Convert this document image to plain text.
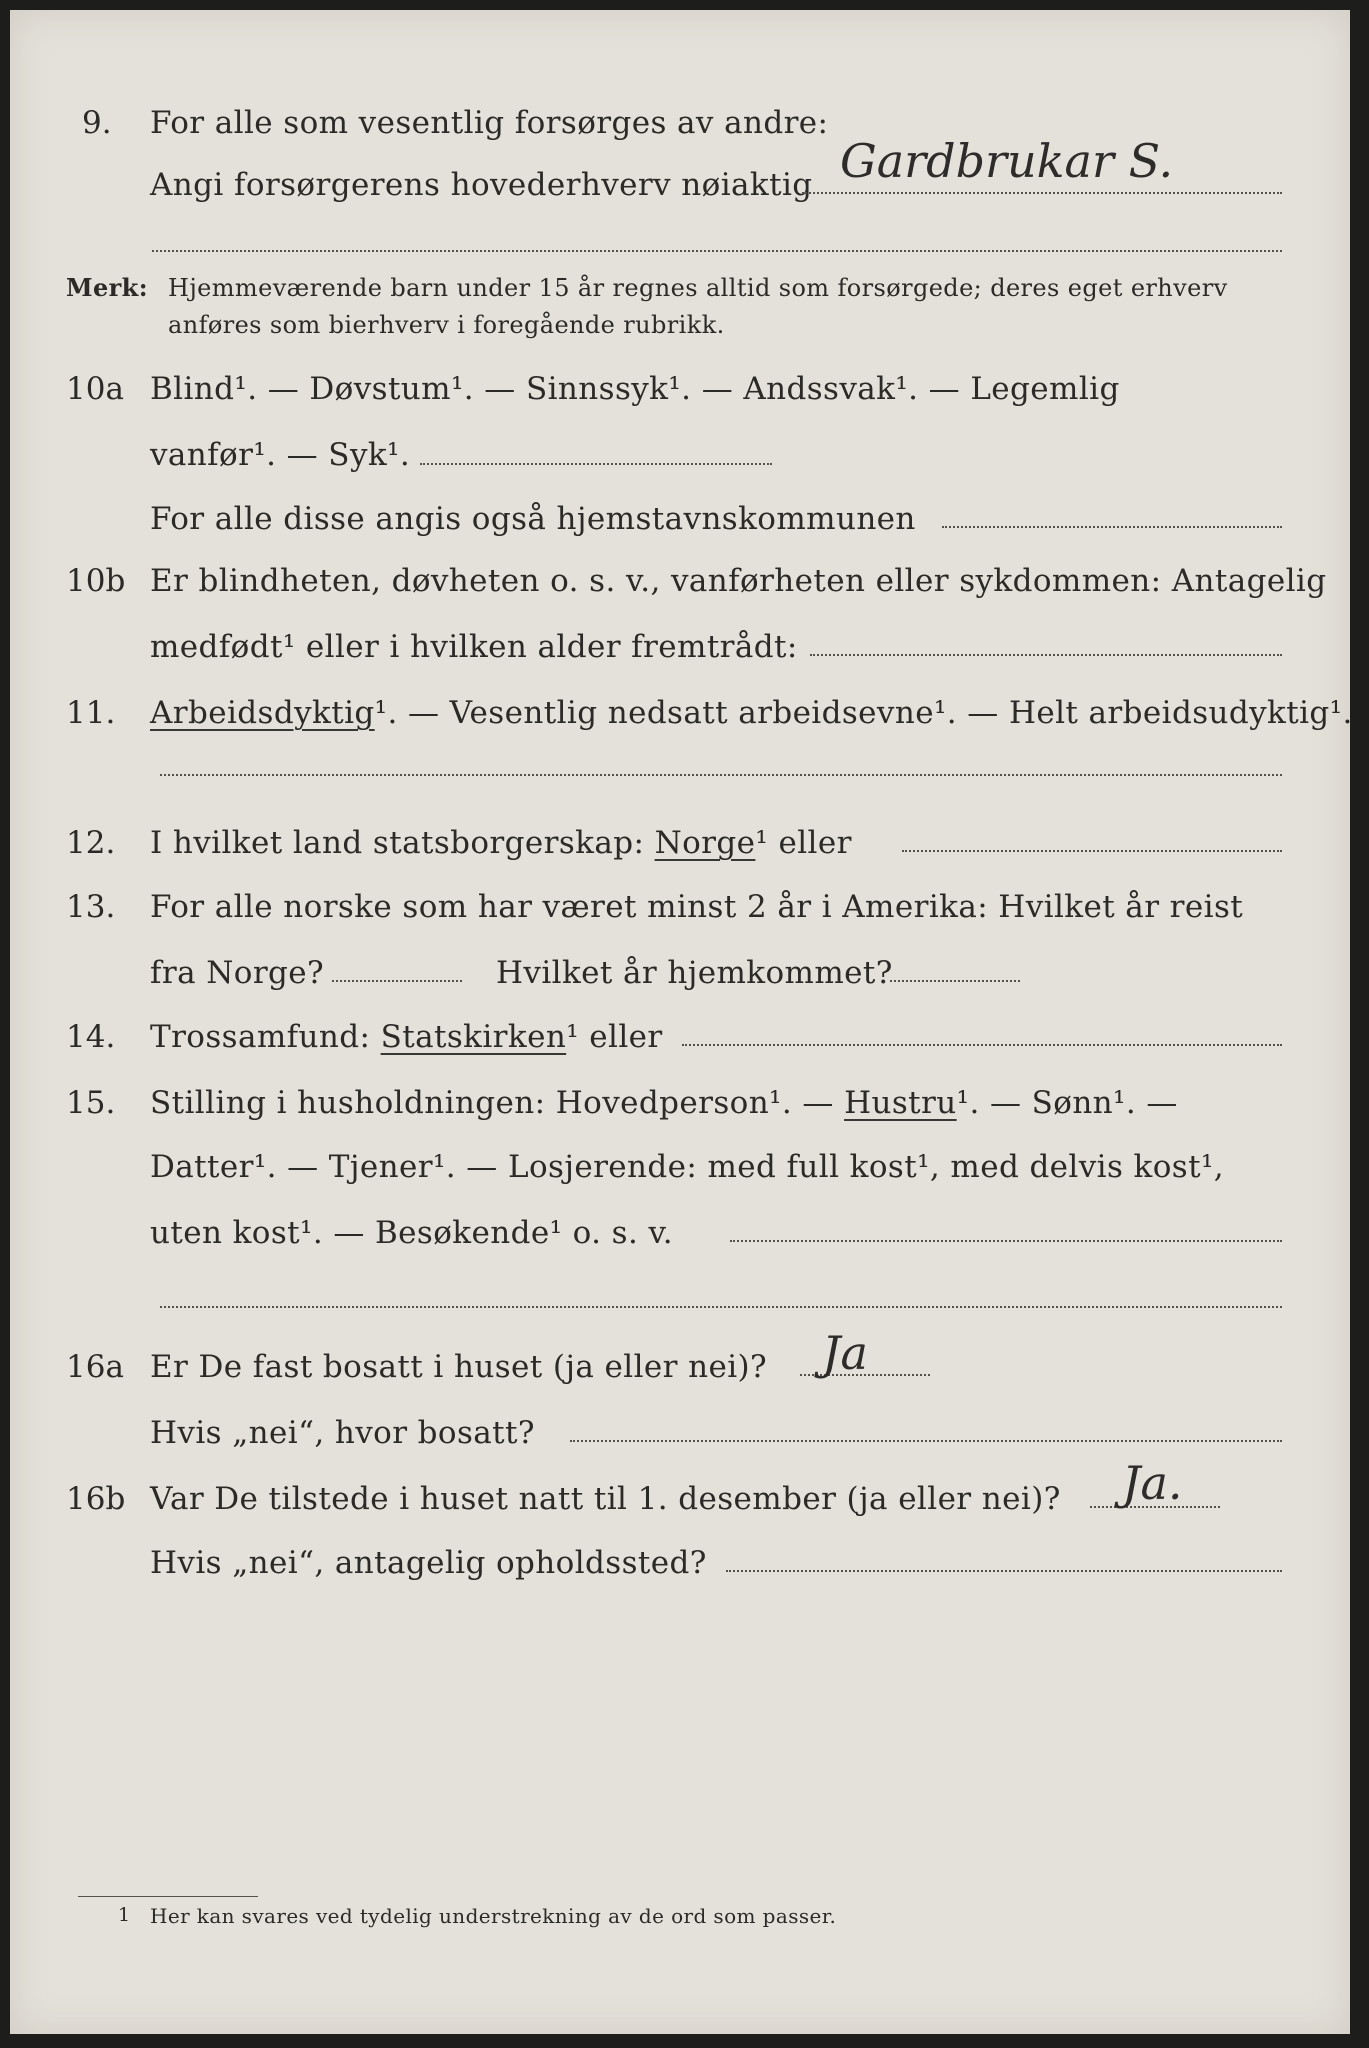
9. For alle som vesentlig forsørges av andre:
Angi forsørgerens hovederhverv nøiaktig Gardbrukar S.
Merk: Hjemmeværende barn under 15 år regnes alltid som forsørgede; deres eget erhverv
anføres som bierhverv i foregående rubrikk.
10a Blind¹. — Døvstum¹. — Sinnssyk¹. — Andssvak¹. — Legemlig
vanfør¹. — Syk¹.
For alle disse angis også hjemstavnskommunen
10b Er blindheten, døvheten o. s. v., vanførheten eller sykdommen: Antagelig
medfødt¹ eller i hvilken alder fremtrådt:
11. Arbeidsdyktig¹. — Vesentlig nedsatt arbeidsevne¹. — Helt arbeidsudyktig¹.
12. I hvilket land statsborgerskap: Norge¹ eller
13. For alle norske som har været minst 2 år i Amerika: Hvilket år reist
fra Norge?	Hvilket år hjemkommet?
14. Trossamfund: Statskirken¹ eller
15. Stilling i husholdningen: Hovedperson¹. — Hustru¹. — Sønn¹. —
Datter¹. — Tjener¹. — Losjerende: med full kost¹, med delvis kost¹,
uten kost¹. — Besøkende¹ o. s. v.
16a Er De fast bosatt i huset (ja eller nei)? Ja
Hvis „nei“, hvor bosatt?
16b Var De tilstede i huset natt til 1. desember (ja eller nei)? Ja.
Hvis „nei“, antagelig opholdssted?
1 Her kan svares ved tydelig understrekning av de ord som passer.
